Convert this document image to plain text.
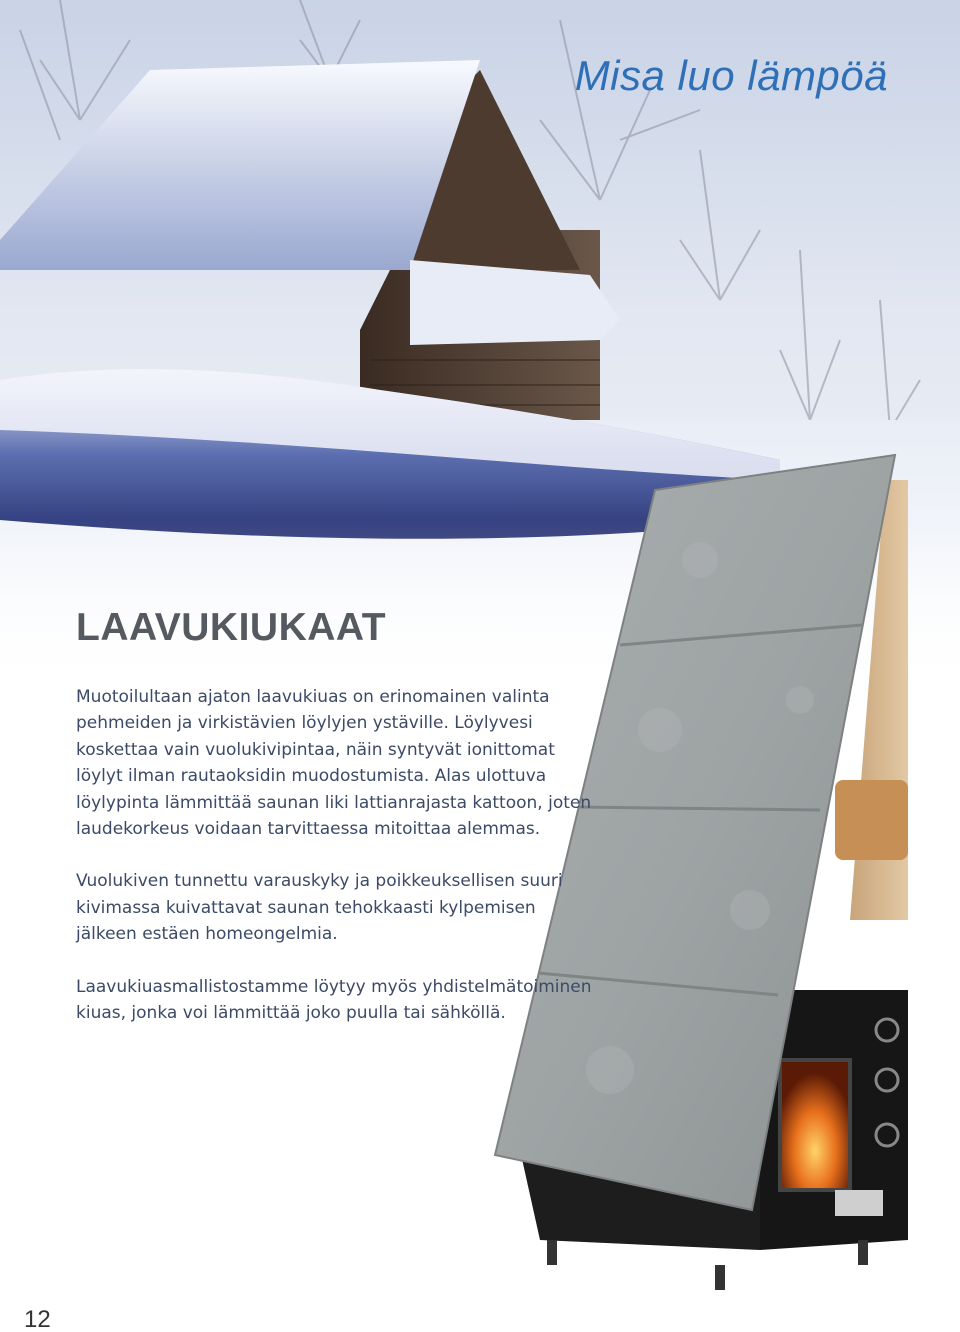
Misa luo lämpöä
LAAVUKIUKAAT

Muotoilultaan ajaton laavukiuas on erinomainen valinta pehmeiden ja virkistävien löylyjen ystäville. Löylyvesi koskettaa vain vuolukivipintaa, näin syntyvät ionittomat löylyt ilman rautaoksidin muodostumista. Alas ulottuva löylypinta lämmittää saunan liki lattianrajasta kattoon, joten laudekorkeus voidaan tarvittaessa mitoittaa alemmas.

Vuolukiven tunnettu varauskyky ja poikkeuksellisen suuri kivimassa kuivattavat saunan tehokkaasti kylpemisen jälkeen estäen homeongelmia.

Laavukiuasmallistostamme löytyy myös yhdistelmätoiminen kiuas, jonka voi lämmittää joko puulla tai sähköllä.

12
